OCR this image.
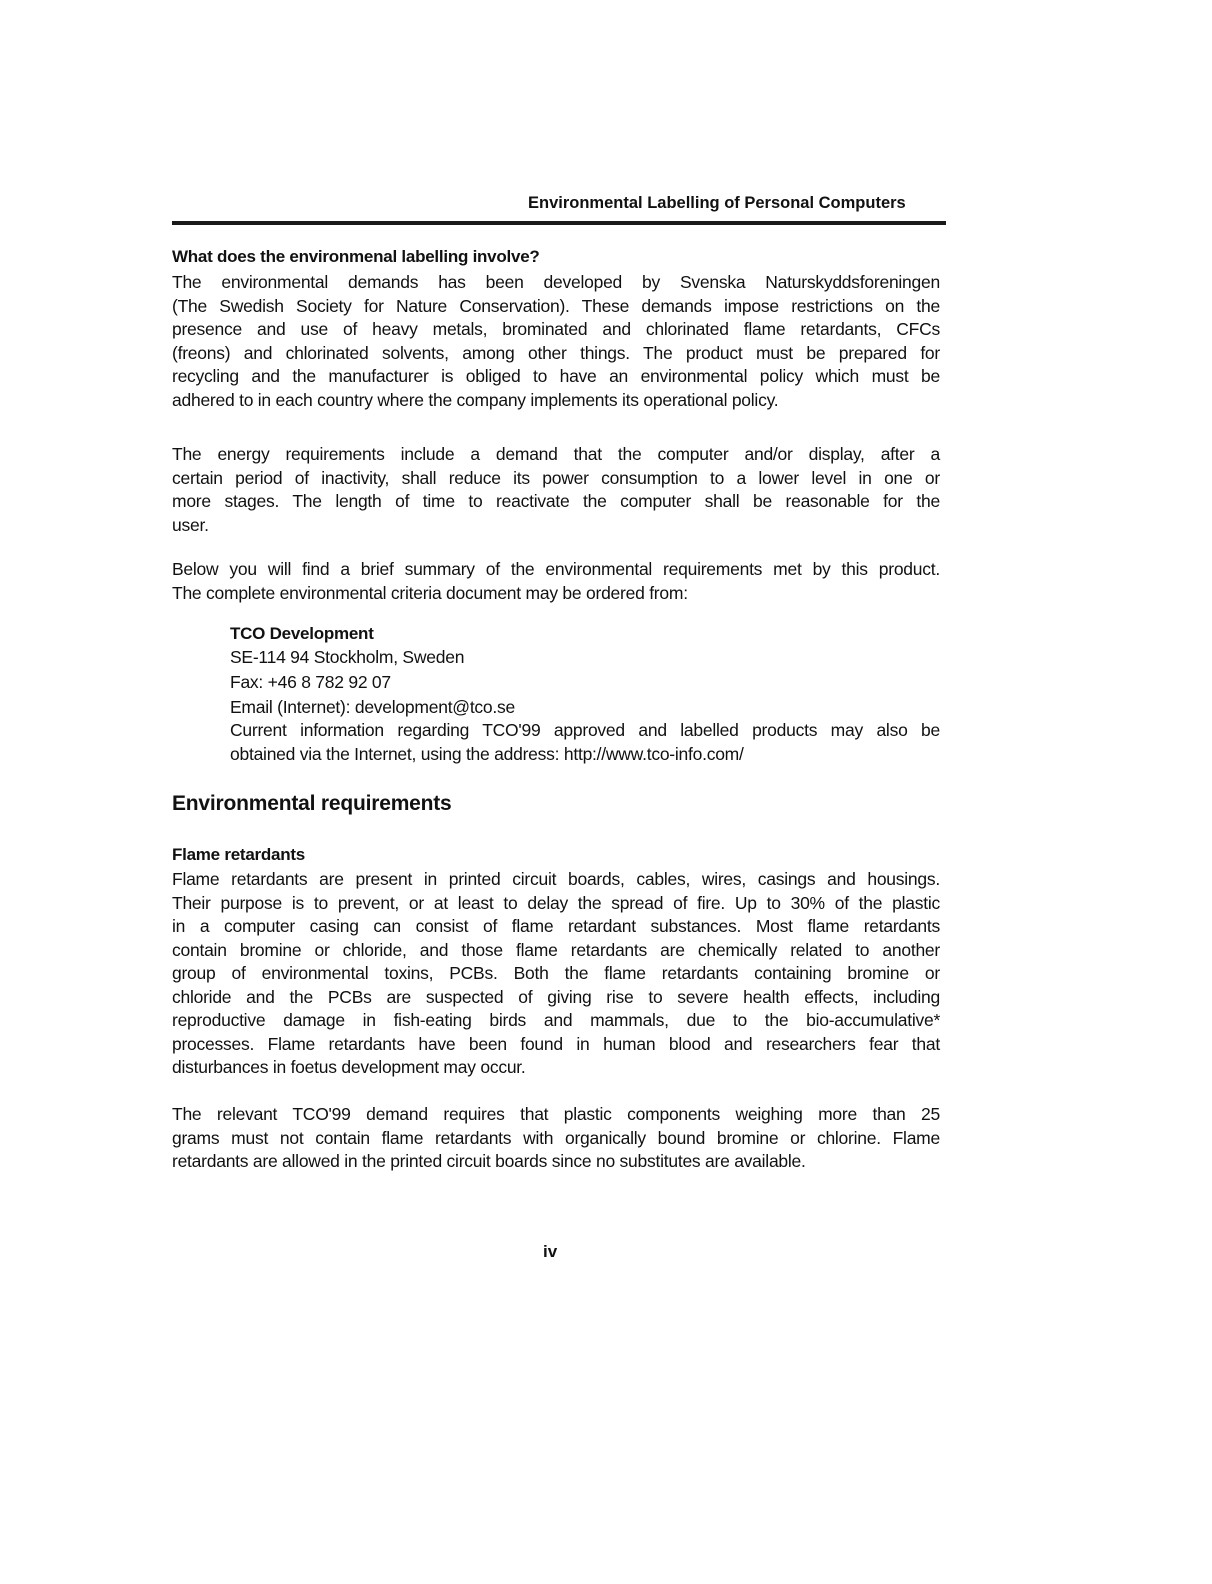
Environmental Labelling of Personal Computers
What does the environmenal labelling involve?
The environmental demands has been developed by Svenska Naturskyddsforeningen
(The Swedish Society for Nature Conservation). These demands impose restrictions on the
presence and use of heavy metals, brominated and chlorinated flame retardants, CFCs
(freons) and chlorinated solvents, among other things. The product must be prepared for
recycling and the manufacturer is obliged to have an environmental policy which must be
adhered to in each country where the company implements its operational policy.
The energy requirements include a demand that the computer and/or display, after a
certain period of inactivity, shall reduce its power consumption to a lower level in one or
more stages. The length of time to reactivate the computer shall be reasonable for the
user.
Below you will find a brief summary of the environmental requirements met by this product.
The complete environmental criteria document may be ordered from:
TCO Development
SE-114 94 Stockholm, Sweden
Fax: +46 8 782 92 07
Email (Internet): development@tco.se
Current information regarding TCO'99 approved and labelled products may also be
obtained via the Internet, using the address: http://www.tco-info.com/
Environmental requirements
Flame retardants
Flame retardants are present in printed circuit boards, cables, wires, casings and housings.
Their purpose is to prevent, or at least to delay the spread of fire. Up to 30% of the plastic
in a computer casing can consist of flame retardant substances. Most flame retardants
contain bromine or chloride, and those flame retardants are chemically related to another
group of environmental toxins, PCBs. Both the flame retardants containing bromine or
chloride and the PCBs are suspected of giving rise to severe health effects, including
reproductive damage in fish-eating birds and mammals, due to the bio-accumulative*
processes. Flame retardants have been found in human blood and researchers fear that
disturbances in foetus development may occur.
The relevant TCO'99 demand requires that plastic components weighing more than 25
grams must not contain flame retardants with organically bound bromine or chlorine. Flame
retardants are allowed in the printed circuit boards since no substitutes are available.
iv
